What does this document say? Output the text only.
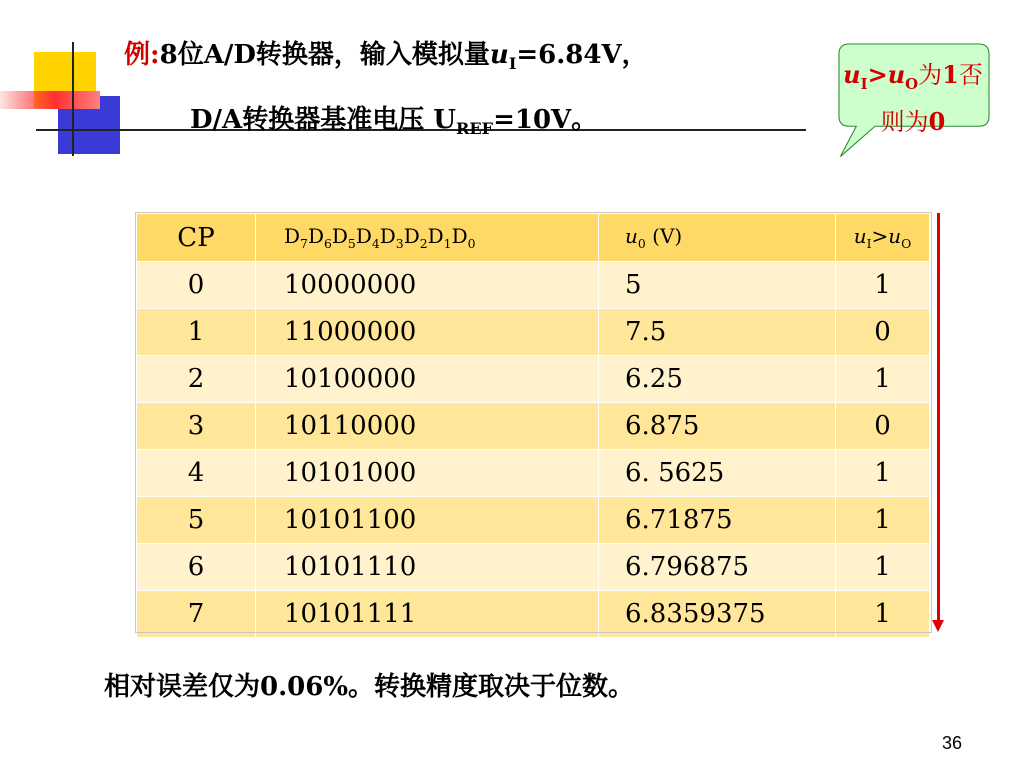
例:8位A/D转换器，输入模拟量$u_I=6.84V$，
D/A转换器基准电压 $U_{REF}=10V$。
$u_I>u_O$为1否
则为0
CP	$D_7D_6D_5D_4D_3D_2D_1D_0$	$u_0$ (V)	$u_I>u_O$
0	10000000	5	1
1	11000000	7.5	0
2	10100000	6.25	1
3	10110000	6.875	0
4	10101000	6. 5625	1
5	10101100	6.71875	1
6	10101110	6.796875	1
7	10101111	6.8359375	1
相对误差仅为0.06%。转换精度取决于位数。
36
